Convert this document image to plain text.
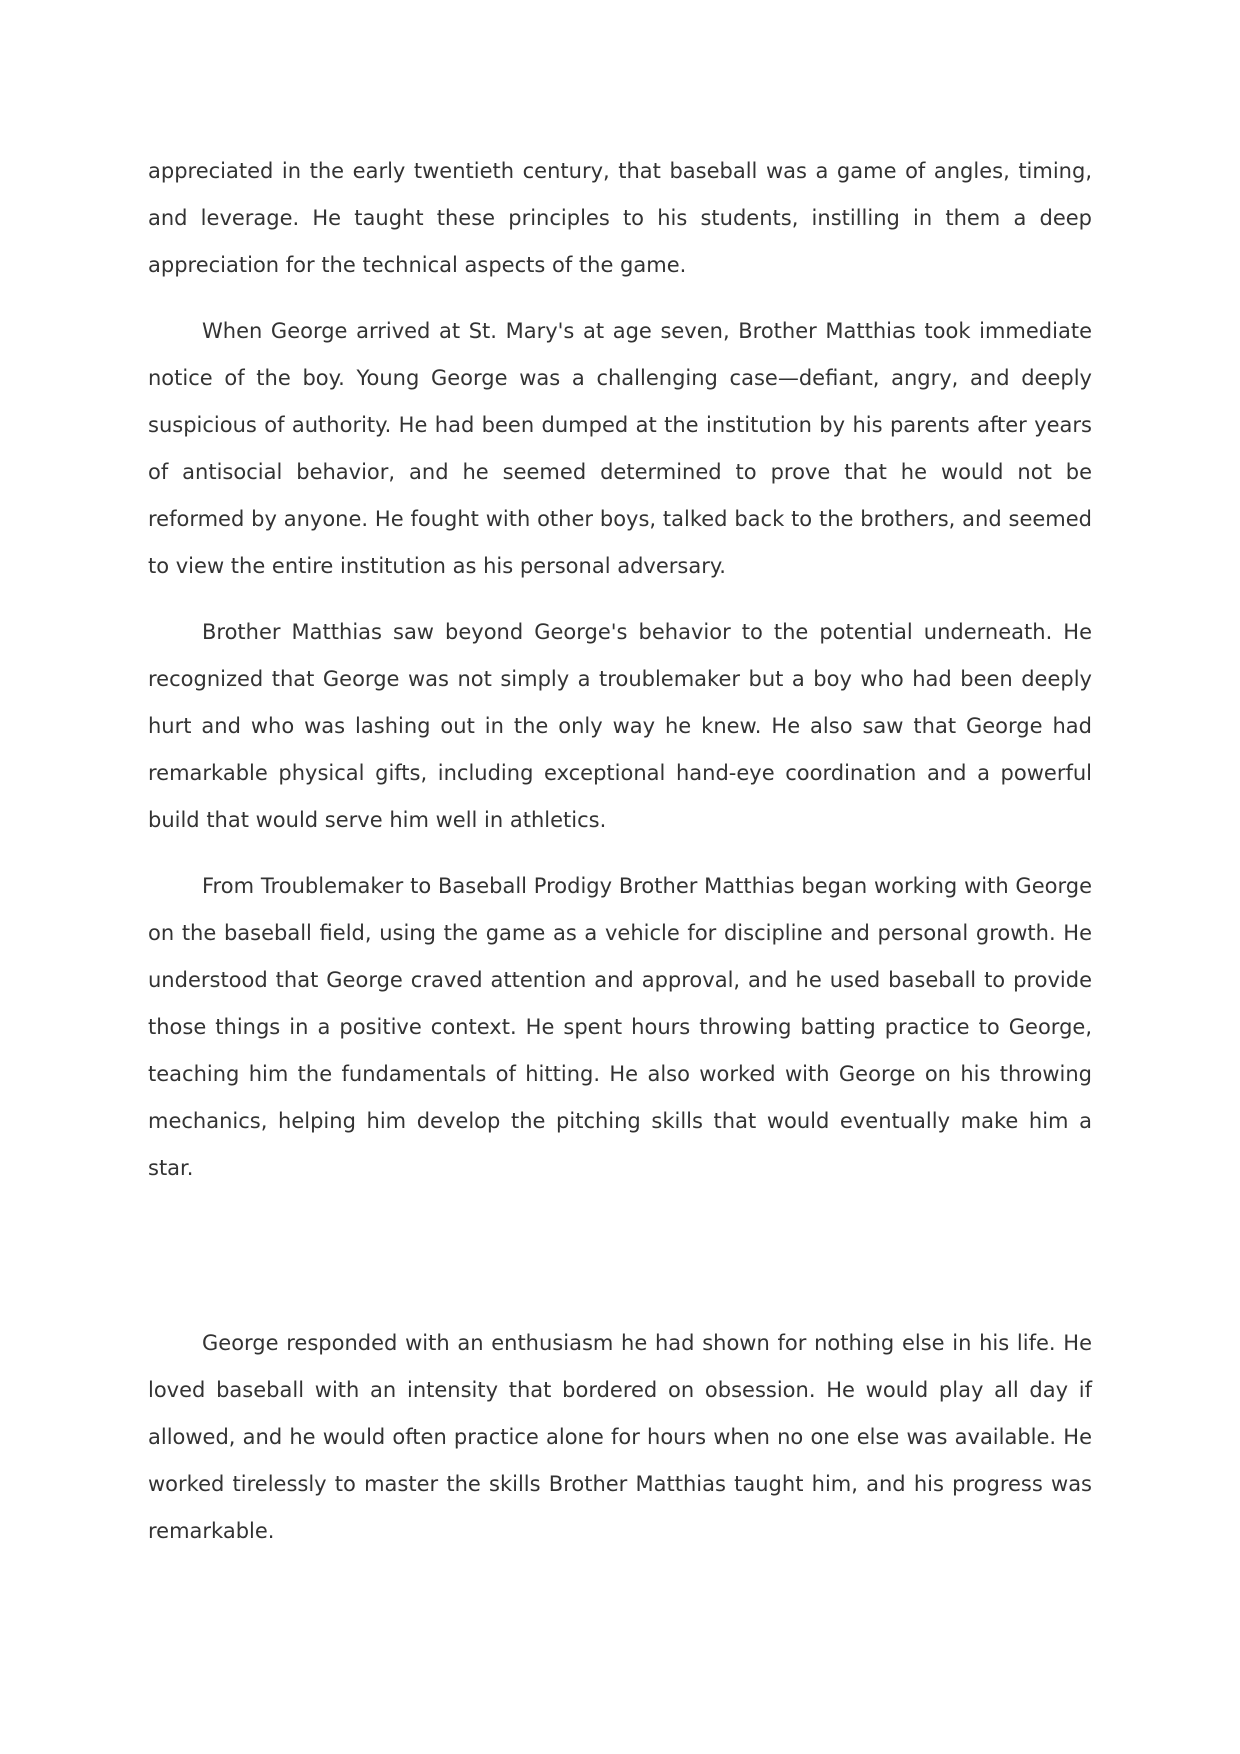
appreciated in the early twentieth century, that baseball was a game of angles, timing, and leverage. He taught these principles to his students, instilling in them a deep appreciation for the technical aspects of the game.

When George arrived at St. Mary's at age seven, Brother Matthias took immediate notice of the boy. Young George was a challenging case—defiant, angry, and deeply suspicious of authority. He had been dumped at the institution by his parents after years of antisocial behavior, and he seemed determined to prove that he would not be reformed by anyone. He fought with other boys, talked back to the brothers, and seemed to view the entire institution as his personal adversary.

Brother Matthias saw beyond George's behavior to the potential underneath. He recognized that George was not simply a troublemaker but a boy who had been deeply hurt and who was lashing out in the only way he knew. He also saw that George had remarkable physical gifts, including exceptional hand-eye coordination and a powerful build that would serve him well in athletics.

From Troublemaker to Baseball Prodigy Brother Matthias began working with George on the baseball field, using the game as a vehicle for discipline and personal growth. He understood that George craved attention and approval, and he used baseball to provide those things in a positive context. He spent hours throwing batting practice to George, teaching him the fundamentals of hitting. He also worked with George on his throwing mechanics, helping him develop the pitching skills that would eventually make him a star.

George responded with an enthusiasm he had shown for nothing else in his life. He loved baseball with an intensity that bordered on obsession. He would play all day if allowed, and he would often practice alone for hours when no one else was available. He worked tirelessly to master the skills Brother Matthias taught him, and his progress was remarkable.
